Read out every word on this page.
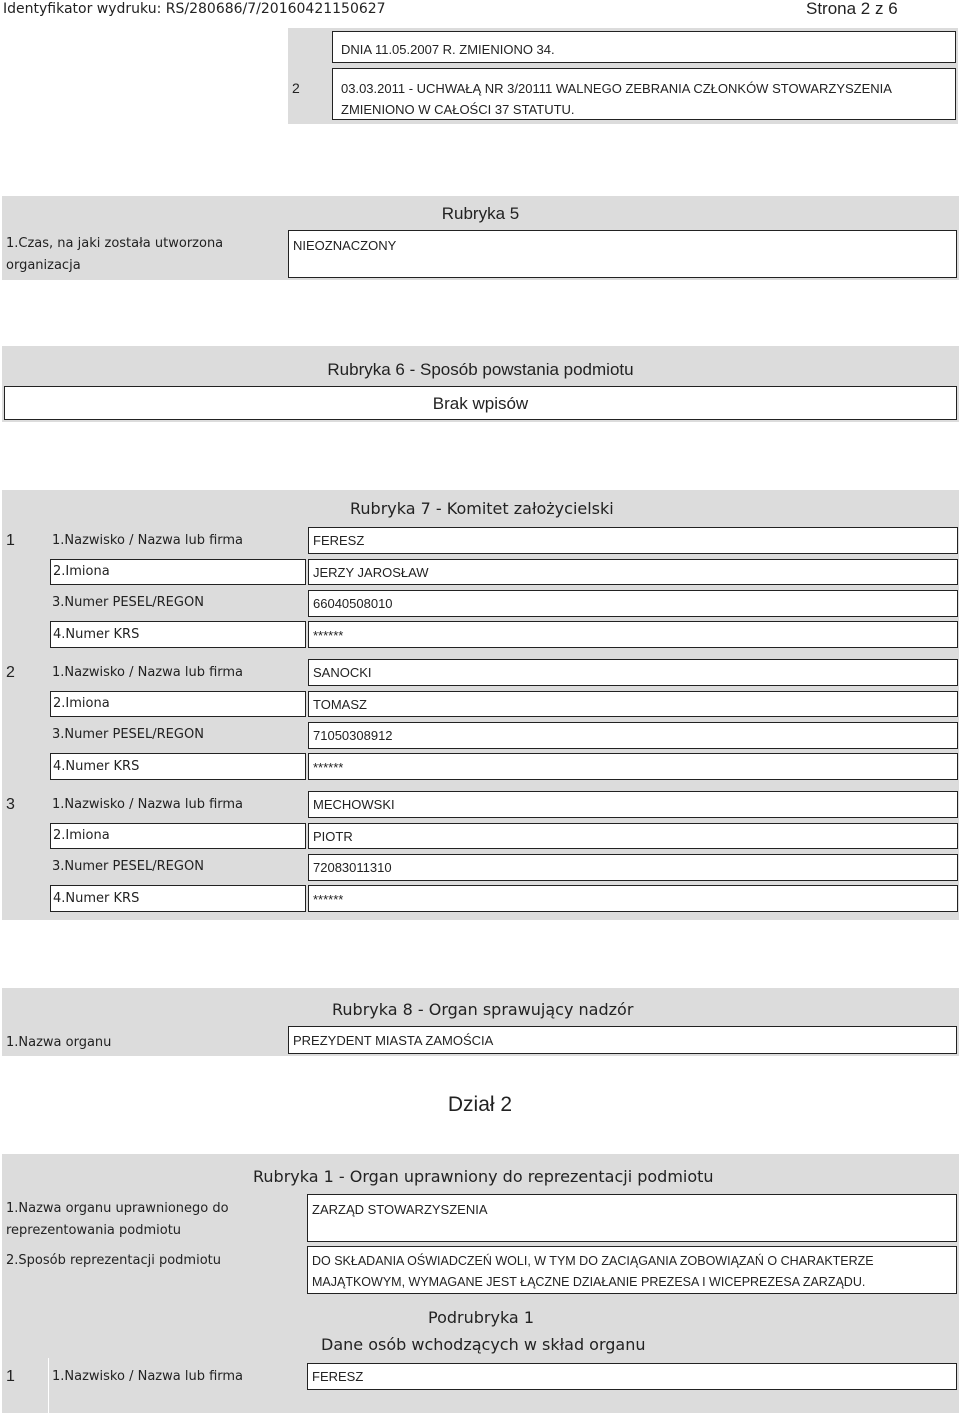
Identyfikator wydruku: RS/280686/7/20160421150627	Strona 2 z 6
DNIA 11.05.2007 R. ZMIENIONO 34.
2	03.03.2011 - UCHWAŁĄ NR 3/20111 WALNEGO ZEBRANIA CZŁONKÓW STOWARZYSZENIA
ZMIENIONO W CAŁOŚCI 37 STATUTU.
Rubryka 5
1.Czas, na jaki została utworzona
organizacja
NIEOZNACZONY
Rubryka 6 - Sposób powstania podmiotu
Brak wpisów
Rubryka 7 - Komitet założycielski
1	1.Nazwisko / Nazwa lub firma	FERESZ
2.Imiona	JERZY JAROSŁAW
3.Numer PESEL/REGON	66040508010
4.Numer KRS	******
2	1.Nazwisko / Nazwa lub firma	SANOCKI
2.Imiona	TOMASZ
3.Numer PESEL/REGON	71050308912
4.Numer KRS	******
3	1.Nazwisko / Nazwa lub firma	MECHOWSKI
2.Imiona	PIOTR
3.Numer PESEL/REGON	72083011310
4.Numer KRS	******
Rubryka 8 - Organ sprawujący nadzór
1.Nazwa organu	PREZYDENT MIASTA ZAMOŚCIA
Dział 2
Rubryka 1 - Organ uprawniony do reprezentacji podmiotu
1.Nazwa organu uprawnionego do
reprezentowania podmiotu
ZARZĄD STOWARZYSZENIA
2.Sposób reprezentacji podmiotu	DO SKŁADANIA OŚWIADCZEŃ WOLI, W TYM DO ZACIĄGANIA ZOBOWIĄZAŃ O CHARAKTERZE
MAJĄTKOWYM, WYMAGANE JEST ŁĄCZNE DZIAŁANIE PREZESA I WICEPREZESA ZARZĄDU.
Podrubryka 1
Dane osób wchodzących w skład organu
1	1.Nazwisko / Nazwa lub firma	FERESZ
